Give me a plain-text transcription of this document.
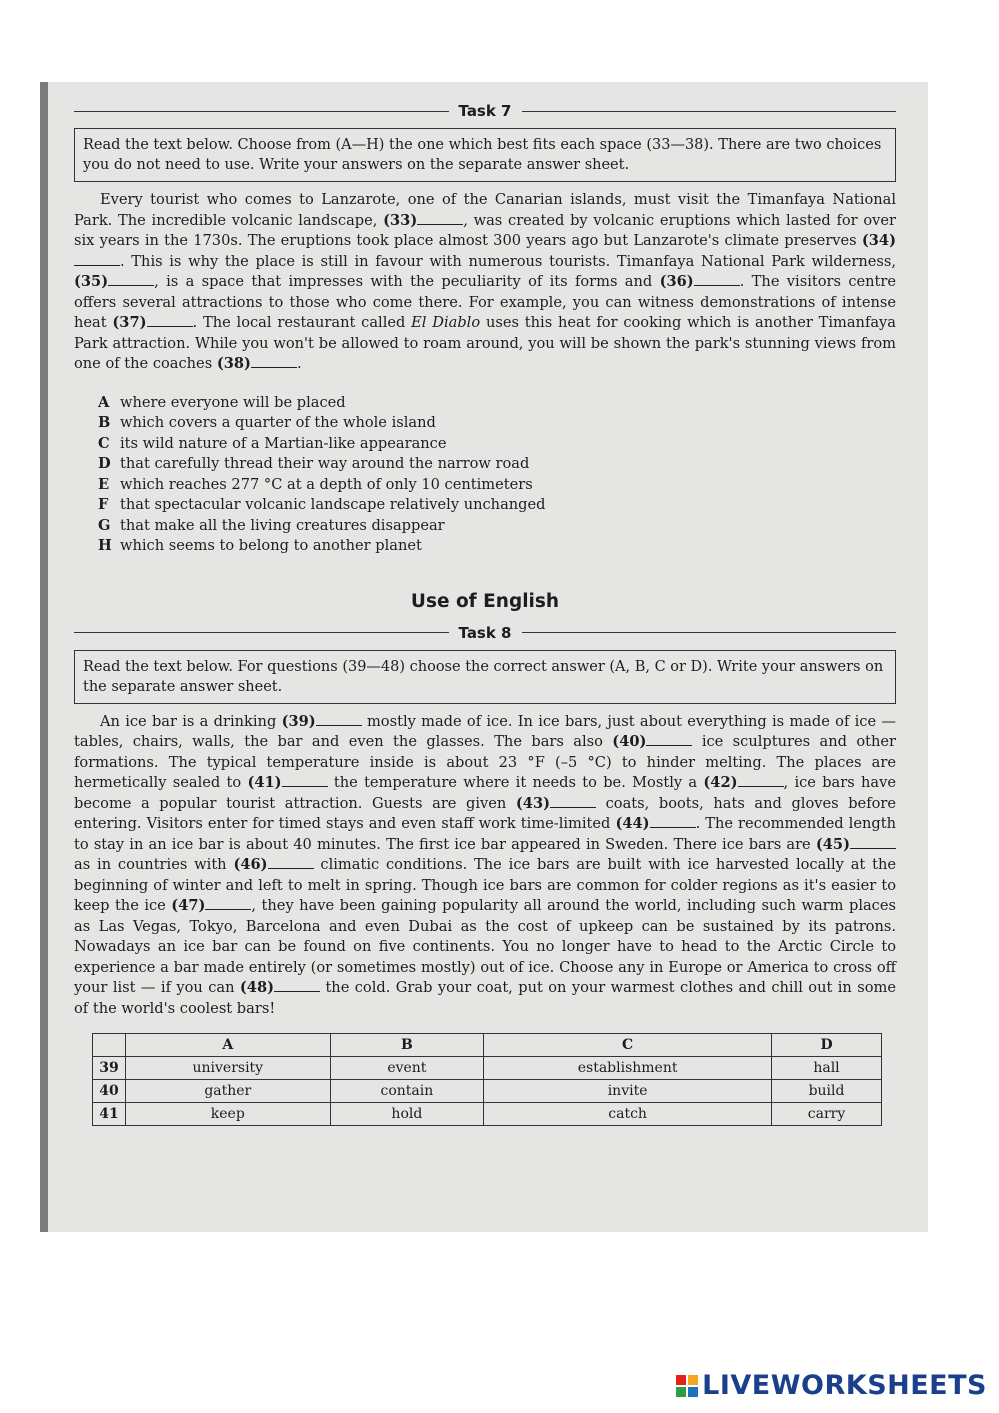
Task 7
Read the text below. Choose from (A—H) the one which best fits each space (33—38). There are two choices you do not need to use. Write your answers on the separate answer sheet.

Every tourist who comes to Lanzarote, one of the Canarian islands, must visit the Timanfaya National Park. The incredible volcanic landscape, (33)	, was created by volcanic eruptions which lasted for over six years in the 1730s. The eruptions took place almost 300 years ago but Lanzarote's climate preserves (34). This is why the place is still in favour with numerous tourists. Timanfaya National Park wilderness, (35)	, is a space that impresses with the peculiarity of its forms and (36)	. The visitors centre offers several attractions to those who come there. For example, you can witness demonstrations of intense heat (37)	. The local restaurant called El Diablo uses this heat for cooking which is another Timanfaya Park attraction. While you won't be allowed to roam around, you will be shown the park's stunning views from one of the coaches (38)	.

A where everyone will be placed
B which covers a quarter of the whole island
C its wild nature of a Martian-like appearance
D that carefully thread their way around the narrow road
E which reaches 277 °C at a depth of only 10 centimeters
F that spectacular volcanic landscape relatively unchanged
G that make all the living creatures disappear
H which seems to belong to another planet
Use of English
Task 8
Read the text below. For questions (39—48) choose the correct answer (A, B, C or D). Write your answers on the separate answer sheet.

An ice bar is a drinking (39)	mostly made of ice. In ice bars, just about everything is made of ice — tables, chairs, walls, the bar and even the glasses. The bars also (40)	ice sculptures and other formations. The typical temperature inside is about 23 °F (–5 °C) to hinder melting. The places are hermetically sealed to (41)	the temperature where it needs to be. Mostly a (42)	, ice bars have become a popular tourist attraction. Guests are given (43)	coats, boots, hats and gloves before entering. Visitors enter for timed stays and even staff work time-limited (44)	. The recommended length to stay in an ice bar is about 40 minutes. The first ice bar appeared in Sweden. There ice bars are (45) as in countries with (46)	climatic conditions. The ice bars are built with ice harvested locally at the beginning of winter and left to melt in spring. Though ice bars are common for colder regions as it's easier to keep the ice (47)	, they have been gaining popularity all around the world, including such warm places as Las Vegas, Tokyo, Barcelona and even Dubai as the cost of upkeep can be sustained by its patrons. Nowadays an ice bar can be found on five continents. You no longer have to head to the Arctic Circle to experience a bar made entirely (or sometimes mostly) out of ice. Choose any in Europe or America to cross off your list — if you can (48)	the cold. Grab your coat, put on your warmest clothes and chill out in some of the world's coolest bars!

	A	B	C	D
39	university	event	establishment	hall
40	gather	contain	invite	build
41	keep	hold	catch	carry
LIVEWORKSHEETS
